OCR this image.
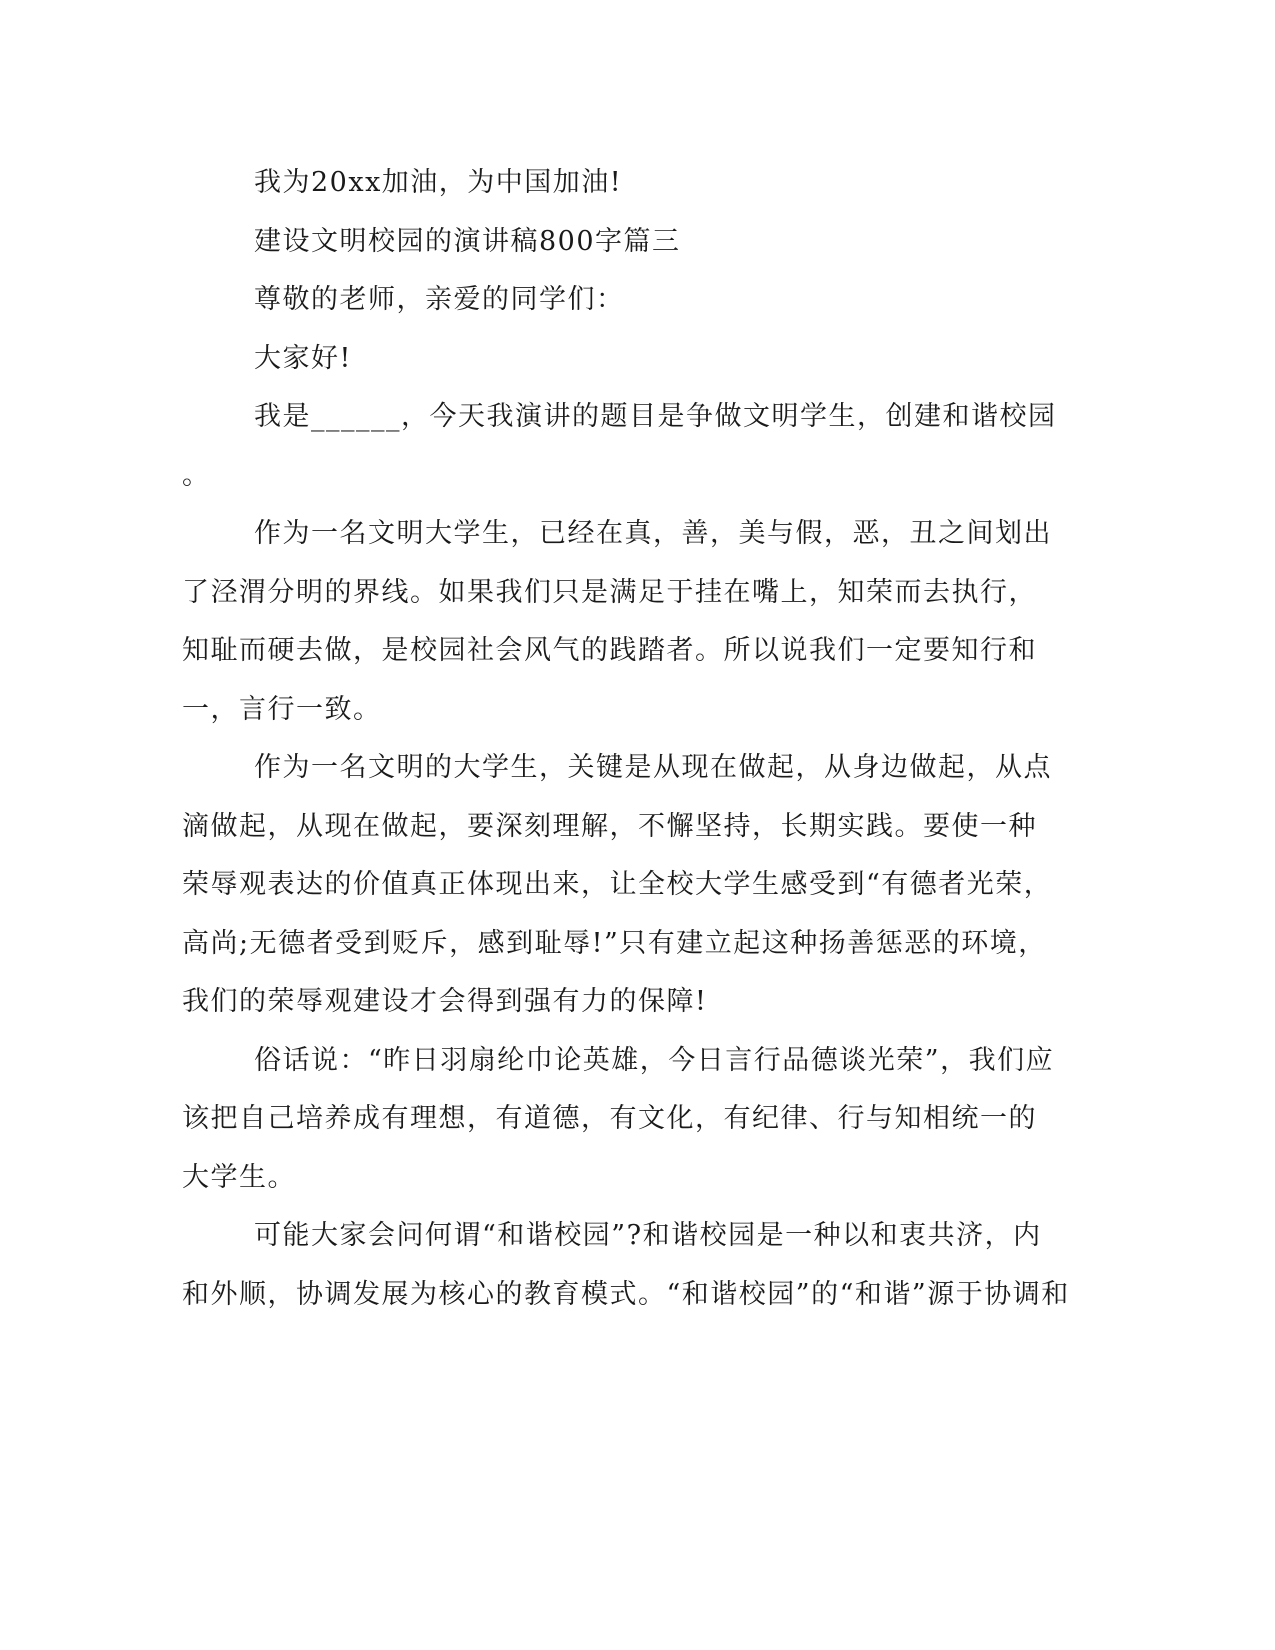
我为20xx加油，为中国加油!
建设文明校园的演讲稿800字篇三
尊敬的老师，亲爱的同学们：
大家好!
我是______，今天我演讲的题目是争做文明学生，创建和谐校园
。
作为一名文明大学生，已经在真，善，美与假，恶，丑之间划出
了泾渭分明的界线。如果我们只是满足于挂在嘴上，知荣而去执行，
知耻而硬去做，是校园社会风气的践踏者。所以说我们一定要知行和
一，言行一致。
作为一名文明的大学生，关键是从现在做起，从身边做起，从点
滴做起，从现在做起，要深刻理解，不懈坚持，长期实践。要使一种
荣辱观表达的价值真正体现出来，让全校大学生感受到“有德者光荣，
高尚;无德者受到贬斥，感到耻辱!”只有建立起这种扬善惩恶的环境，
我们的荣辱观建设才会得到强有力的保障!
俗话说：“昨日羽扇纶巾论英雄，今日言行品德谈光荣”，我们应
该把自己培养成有理想，有道德，有文化，有纪律、行与知相统一的
大学生。
可能大家会问何谓“和谐校园”?和谐校园是一种以和衷共济，内
和外顺，协调发展为核心的教育模式。“和谐校园”的“和谐”源于协调和
